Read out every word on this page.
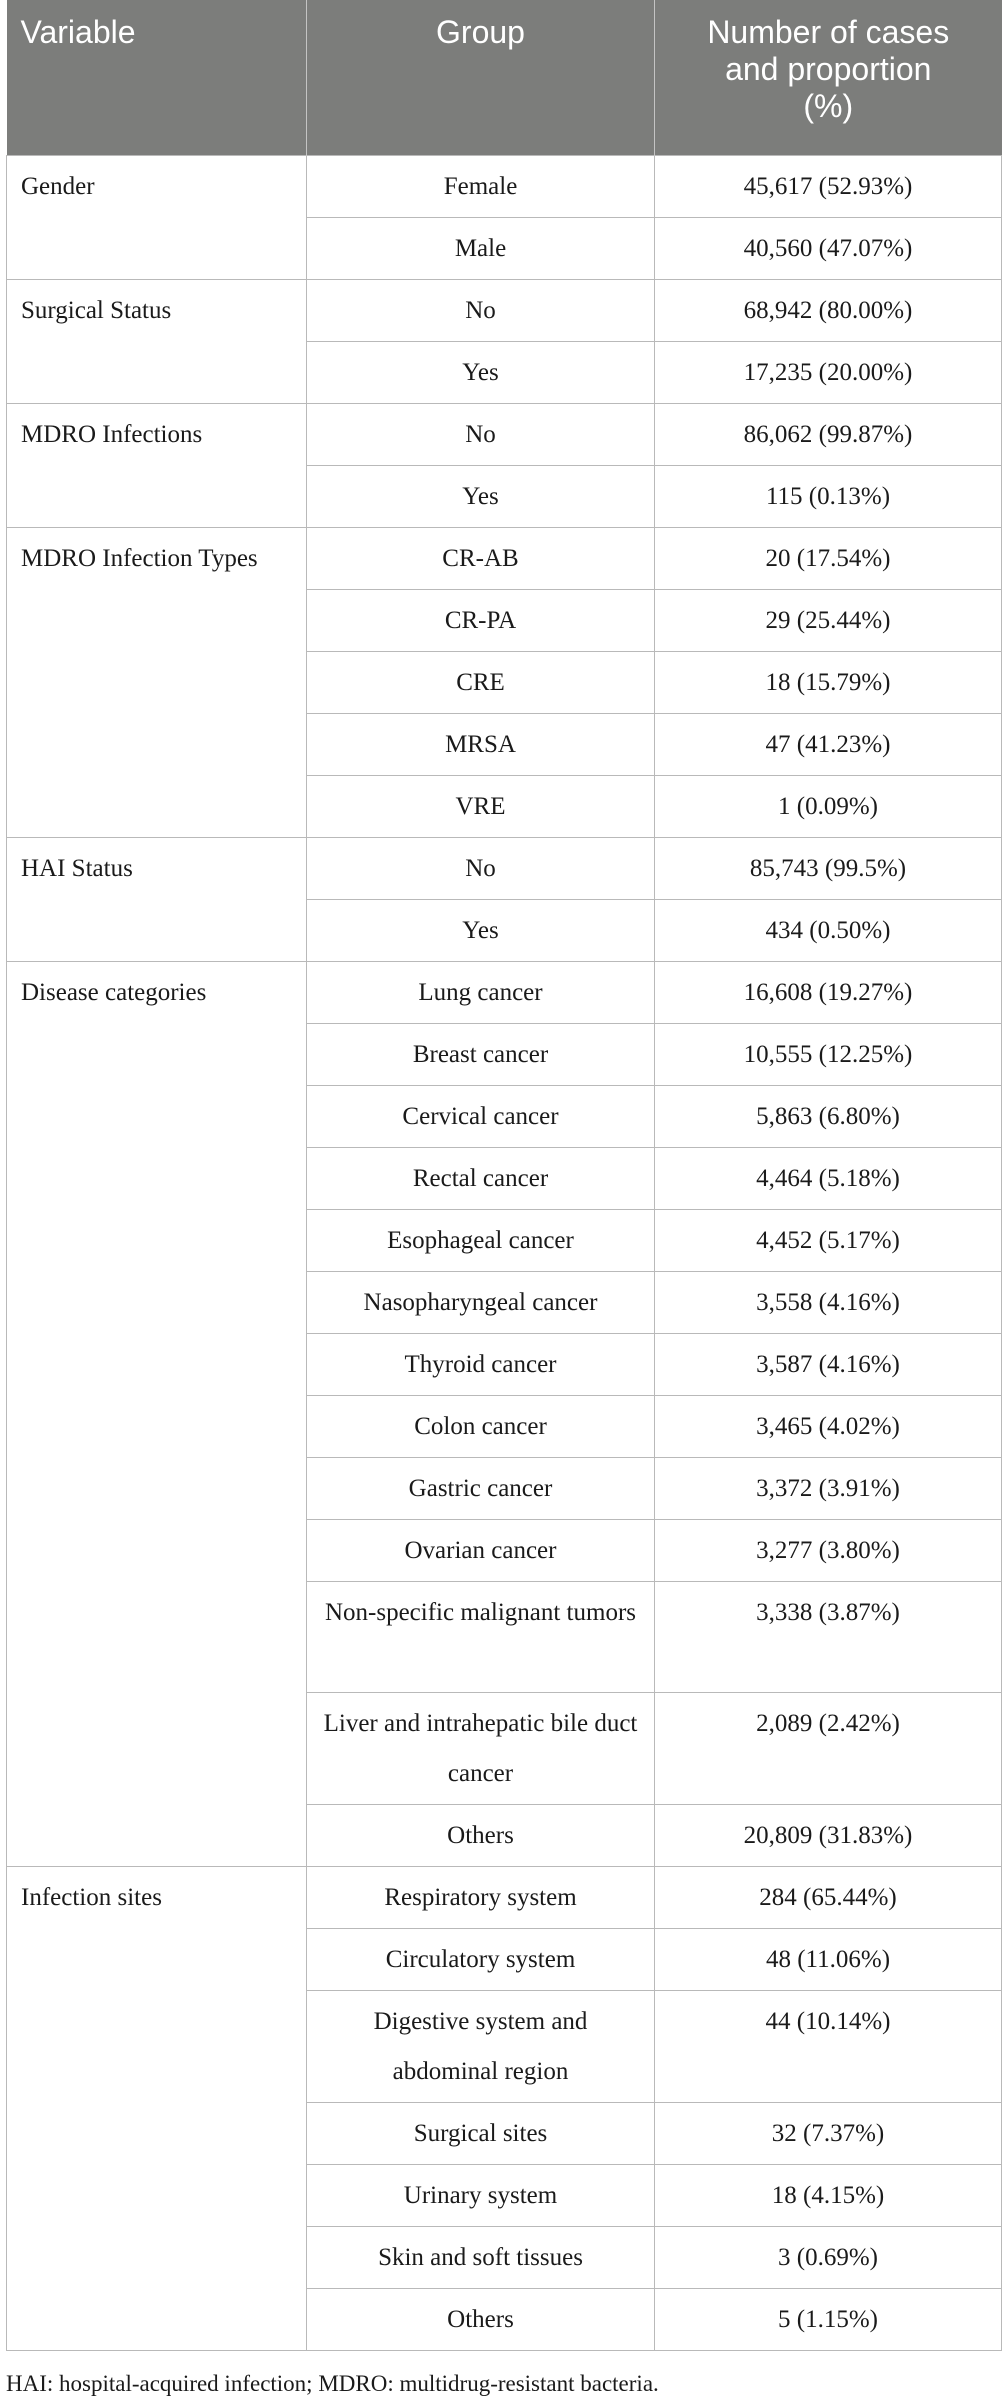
Variable	Group	Number of cases
and proportion
(%)

Gender	Female	45,617 (52.93%)
	Male	40,560 (47.07%)
Surgical Status	No	68,942 (80.00%)
	Yes	17,235 (20.00%)
MDRO Infections	No	86,062 (99.87%)
	Yes	115 (0.13%)
MDRO Infection Types	CR-AB	20 (17.54%)
	CR-PA	29 (25.44%)
	CRE	18 (15.79%)
	MRSA	47 (41.23%)
	VRE	1 (0.09%)
HAI Status	No	85,743 (99.5%)
	Yes	434 (0.50%)
Disease categories	Lung cancer	16,608 (19.27%)
	Breast cancer	10,555 (12.25%)
	Cervical cancer	5,863 (6.80%)
	Rectal cancer	4,464 (5.18%)
	Esophageal cancer	4,452 (5.17%)
	Nasopharyngeal cancer	3,558 (4.16%)
	Thyroid cancer	3,587 (4.16%)
	Colon cancer	3,465 (4.02%)
	Gastric cancer	3,372 (3.91%)
	Ovarian cancer	3,277 (3.80%)
	Non-specific malignant tumors	3,338 (3.87%)
	Liver and intrahepatic bile duct cancer	2,089 (2.42%)
	Others	20,809 (31.83%)
Infection sites	Respiratory system	284 (65.44%)
	Circulatory system	48 (11.06%)
	Digestive system and abdominal region	44 (10.14%)
	Surgical sites	32 (7.37%)
	Urinary system	18 (4.15%)
	Skin and soft tissues	3 (0.69%)
	Others	5 (1.15%)
HAI: hospital-acquired infection; MDRO: multidrug-resistant bacteria.
